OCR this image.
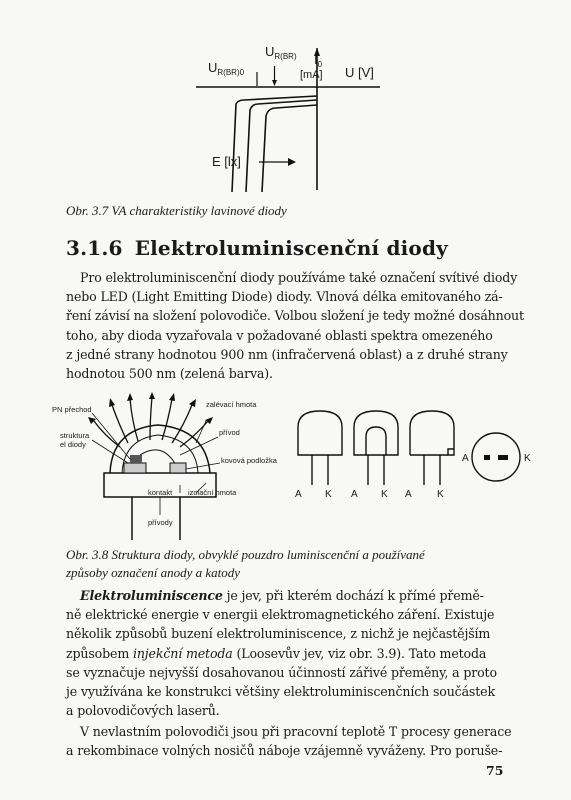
$U_{R(BR)0}$
$U_{R(BR)}$ $I_0$
[mA] U [V]
E [lx]
Obr. 3.7 VA charakteristiky lavinové diody
3.1.6 Elektroluminiscenční diody
Pro elektroluminiscenční diody používáme také označení svítivé diody
nebo LED (Light Emitting Diode) diody. Vlnová délka emitovaného zá-
ření závisí na složení polovodiče. Volbou složení je tedy možné dosáhnout
toho, aby dioda vyzařovala v požadované oblasti spektra omezeného
z jedné strany hodnotou 900 nm (infračervená oblast) a z druhé strany
hodnotou 500 nm (zelená barva).
PN přechod
struktura
el diody
zalévací hmota
přívod
kovová podložka
kontakt izolační hmota
přívody
A K A K A	K
A	K
Obr. 3.8 Struktura diody, obvyklé pouzdro luminiscenční a používané
způsoby označení anody a katody
Elektroluminiscence je jev, při kterém dochází k přímé přemě-
ně elektrické energie v energii elektromagnetického záření. Existuje
několik způsobů buzení elektroluminiscence, z nichž je nejčastějším
způsobem injekční metoda (Loosevův jev, viz obr. 3.9). Tato metoda
se vyznačuje nejvyšší dosahovanou účinností zářivé přeměny, a proto
je využívána ke konstrukci většiny elektroluminiscenčních součástek
a polovodičových laserů.
V nevlastním polovodiči jsou při pracovní teplotě T procesy generace
a rekombinace volných nosičů náboje vzájemně vyváženy. Pro poruše-
75
